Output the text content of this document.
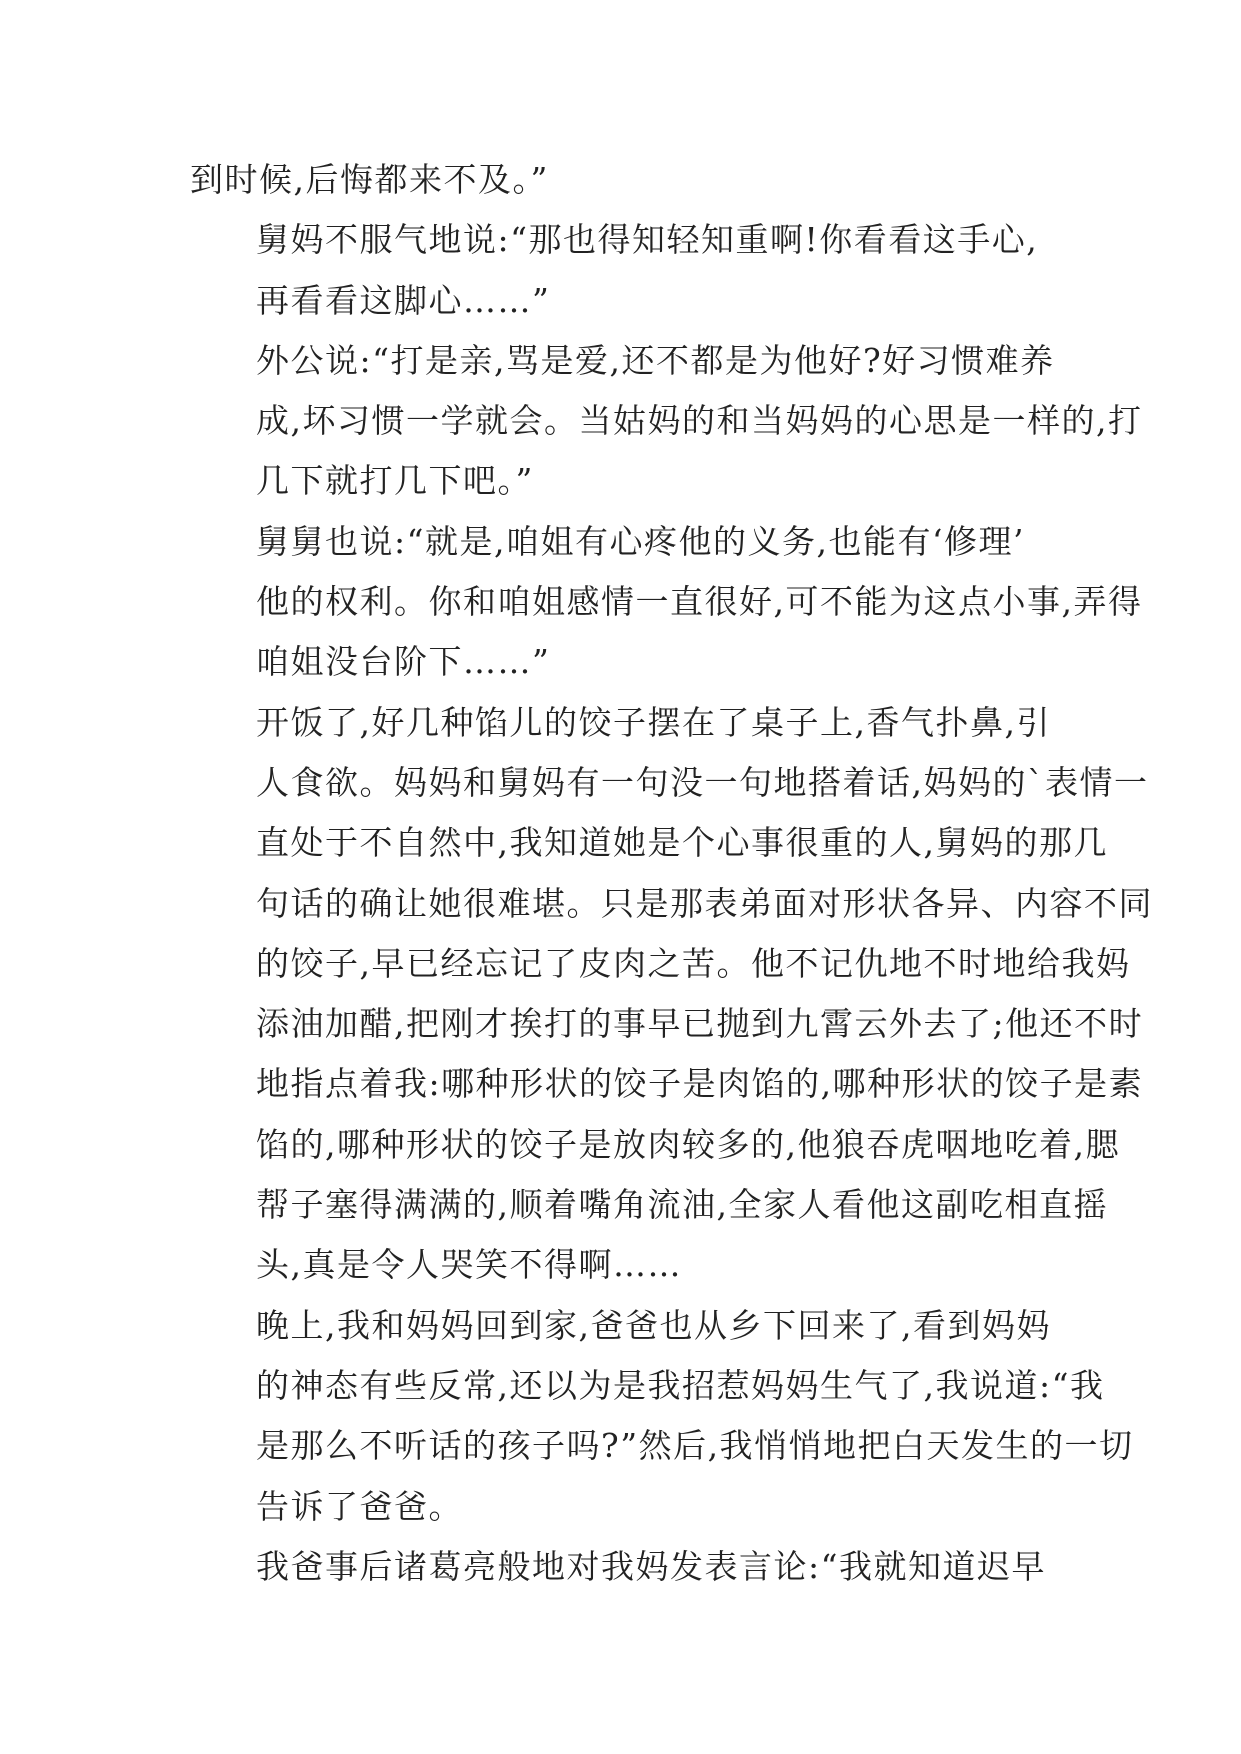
到时候,后悔都来不及。”

舅妈不服气地说:“那也得知轻知重啊!你看看这手心,
再看看这脚心……”

外公说:“打是亲,骂是爱,还不都是为他好?好习惯难养
成,坏习惯一学就会。当姑妈的和当妈妈的心思是一样的,打
几下就打几下吧。”

舅舅也说:“就是,咱姐有心疼他的义务,也能有‘修理’
他的权利。你和咱姐感情一直很好,可不能为这点小事,弄得
咱姐没台阶下……”

开饭了,好几种馅儿的饺子摆在了桌子上,香气扑鼻,引
人食欲。妈妈和舅妈有一句没一句地搭着话,妈妈的`表情一
直处于不自然中,我知道她是个心事很重的人,舅妈的那几
句话的确让她很难堪。只是那表弟面对形状各异、内容不同
的饺子,早已经忘记了皮肉之苦。他不记仇地不时地给我妈
添油加醋,把刚才挨打的事早已抛到九霄云外去了;他还不时
地指点着我:哪种形状的饺子是肉馅的,哪种形状的饺子是素
馅的,哪种形状的饺子是放肉较多的,他狼吞虎咽地吃着,腮
帮子塞得满满的,顺着嘴角流油,全家人看他这副吃相直摇
头,真是令人哭笑不得啊……

晚上,我和妈妈回到家,爸爸也从乡下回来了,看到妈妈
的神态有些反常,还以为是我招惹妈妈生气了,我说道:“我
是那么不听话的孩子吗?”然后,我悄悄地把白天发生的一切
告诉了爸爸。

我爸事后诸葛亮般地对我妈发表言论:“我就知道迟早
